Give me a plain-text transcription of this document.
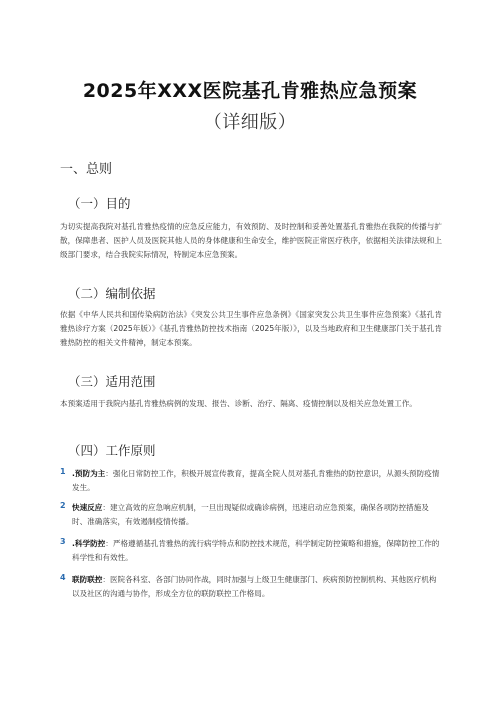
2025年XXX医院基孔肯雅热应急预案
（详细版）
一、总则
（一）目的

为切实提高我院对基孔肯雅热疫情的应急反应能力，有效预防、及时控制和妥善处置基孔肯雅热在我院的传播与扩散，保障患者、医护人员及医院其他人员的身体健康和生命安全，维护医院正常医疗秩序，依据相关法律法规和上级部门要求，结合我院实际情况，特制定本应急预案。

（二）编制依据

依据《中华人民共和国传染病防治法》《突发公共卫生事件应急条例》《国家突发公共卫生事件应急预案》《基孔肯雅热诊疗方案（2025年版）》《基孔肯雅热防控技术指南（2025年版）》，以及当地政府和卫生健康部门关于基孔肯雅热防控的相关文件精神，制定本预案。

（三）适用范围

本预案适用于我院内基孔肯雅热病例的发现、报告、诊断、治疗、隔离、疫情控制以及相关应急处置工作。

（四）工作原则
1 .预防为主：强化日常防控工作，积极开展宣传教育，提高全院人员对基孔肯雅热的防控意识，从源头预防疫情发生。

2 快速反应：建立高效的应急响应机制，一旦出现疑似或确诊病例，迅速启动应急预案，确保各项防控措施及时、准确落实，有效遏制疫情传播。

3 .科学防控：严格遵循基孔肯雅热的流行病学特点和防控技术规范，科学制定防控策略和措施，保障防控工作的科学性和有效性。

4 联防联控：医院各科室、各部门协同作战，同时加强与上级卫生健康部门、疾病预防控制机构、其他医疗机构以及社区的沟通与协作，形成全方位的联防联控工作格局。
